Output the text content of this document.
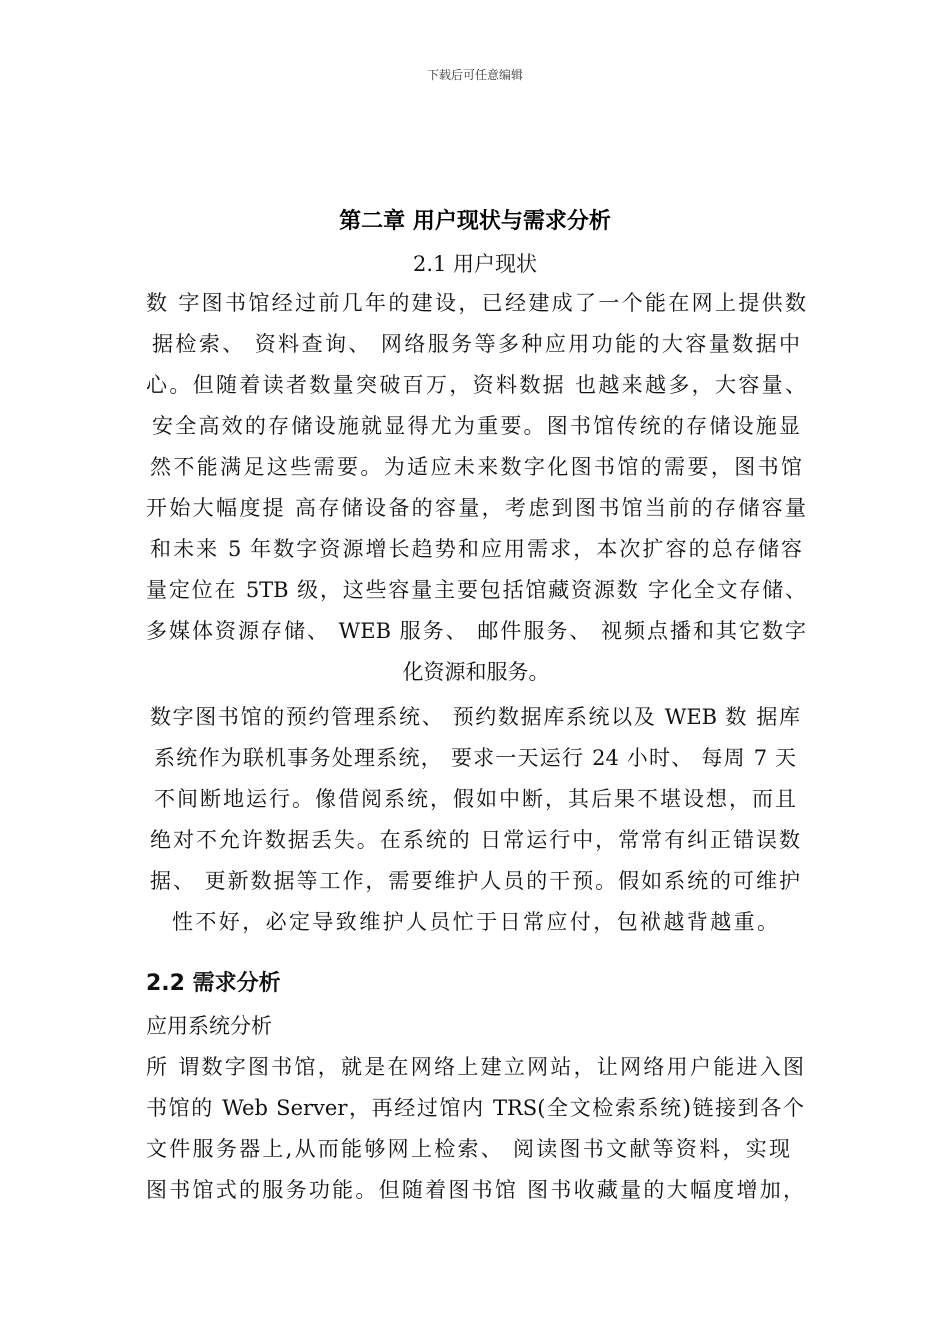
下载后可任意编辑
第二章 用户现状与需求分析
2.1 用户现状
数 字图书馆经过前几年的建设，已经建成了一个能在网上提供数
据检索、 资料查询、 网络服务等多种应用功能的大容量数据中
心。但随着读者数量突破百万，资料数据 也越来越多，大容量、
安全高效的存储设施就显得尤为重要。图书馆传统的存储设施显
然不能满足这些需要。为适应未来数字化图书馆的需要，图书馆
开始大幅度提 高存储设备的容量，考虑到图书馆当前的存储容量
和未来 5 年数字资源增长趋势和应用需求，本次扩容的总存储容
量定位在 5TB 级，这些容量主要包括馆藏资源数 字化全文存储、
多媒体资源存储、 WEB 服务、 邮件服务、 视频点播和其它数字
化资源和服务。
数字图书馆的预约管理系统、 预约数据库系统以及 WEB 数 据库
系统作为联机事务处理系统， 要求一天运行 24 小时、 每周 7 天
不间断地运行。像借阅系统，假如中断，其后果不堪设想，而且
绝对不允许数据丢失。在系统的 日常运行中，常常有纠正错误数
据、 更新数据等工作，需要维护人员的干预。假如系统的可维护
性不好，必定导致维护人员忙于日常应付，包袱越背越重。
2.2 需求分析
应用系统分析
所 谓数字图书馆，就是在网络上建立网站，让网络用户能进入图
书馆的 Web Server，再经过馆内 TRS(全文检索系统)链接到各个
文件服务器上,从而能够网上检索、 阅读图书文献等资料，实现
图书馆式的服务功能。但随着图书馆 图书收藏量的大幅度增加，
